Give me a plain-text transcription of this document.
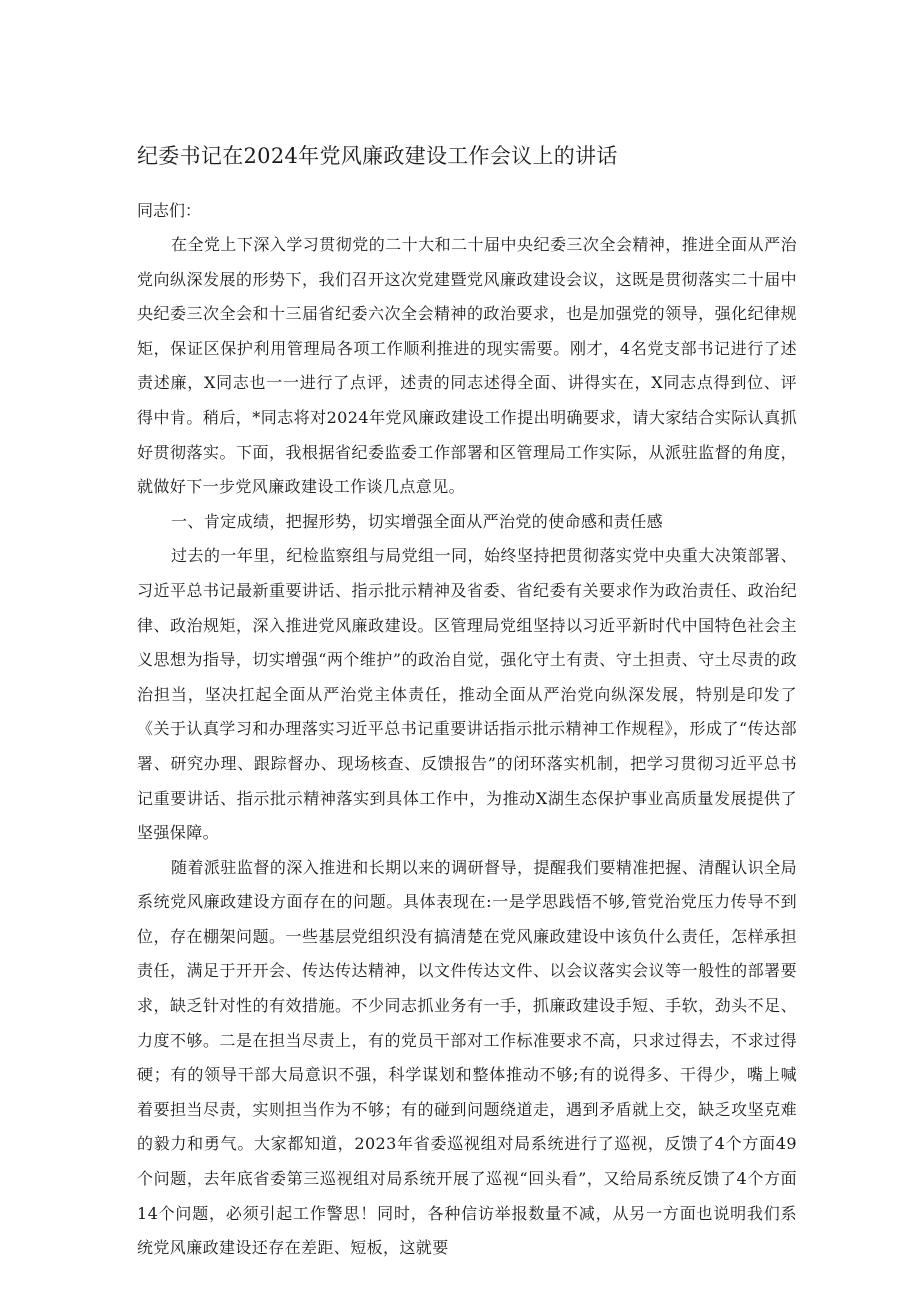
纪委书记在2024年党风廉政建设工作会议上的讲话

同志们：

在全党上下深入学习贯彻党的二十大和二十届中央纪委三次全会精神，推进全面从严治党向纵深发展的形势下，我们召开这次党建暨党风廉政建设会议，这既是贯彻落实二十届中央纪委三次全会和十三届省纪委六次全会精神的政治要求，也是加强党的领导，强化纪律规矩，保证区保护利用管理局各项工作顺利推进的现实需要。刚才，4名党支部书记进行了述责述廉，X同志也一一进行了点评，述责的同志述得全面、讲得实在，X同志点得到位、评得中肯。稍后，*同志将对2024年党风廉政建设工作提出明确要求，请大家结合实际认真抓好贯彻落实。下面，我根据省纪委监委工作部署和区管理局工作实际，从派驻监督的角度，就做好下一步党风廉政建设工作谈几点意见。

一、肯定成绩，把握形势，切实增强全面从严治党的使命感和责任感

过去的一年里，纪检监察组与局党组一同，始终坚持把贯彻落实党中央重大决策部署、习近平总书记最新重要讲话、指示批示精神及省委、省纪委有关要求作为政治责任、政治纪律、政治规矩，深入推进党风廉政建设。区管理局党组坚持以习近平新时代中国特色社会主义思想为指导，切实增强“两个维护”的政治自觉，强化守土有责、守土担责、守土尽责的政治担当，坚决扛起全面从严治党主体责任，推动全面从严治党向纵深发展，特别是印发了《关于认真学习和办理落实习近平总书记重要讲话指示批示精神工作规程》，形成了“传达部署、研究办理、跟踪督办、现场核查、反馈报告”的闭环落实机制，把学习贯彻习近平总书记重要讲话、指示批示精神落实到具体工作中，为推动X湖生态保护事业高质量发展提供了坚强保障。

随着派驻监督的深入推进和长期以来的调研督导，提醒我们要精准把握、清醒认识全局系统党风廉政建设方面存在的问题。具体表现在:一是学思践悟不够,管党治党压力传导不到位，存在棚架问题。一些基层党组织没有搞清楚在党风廉政建设中该负什么责任，怎样承担责任，满足于开开会、传达传达精神，以文件传达文件、以会议落实会议等一般性的部署要求，缺乏针对性的有效措施。不少同志抓业务有一手，抓廉政建设手短、手软，劲头不足、力度不够。二是在担当尽责上，有的党员干部对工作标准要求不高，只求过得去，不求过得硬；有的领导干部大局意识不强，科学谋划和整体推动不够;有的说得多、干得少，嘴上喊着要担当尽责，实则担当作为不够；有的碰到问题绕道走，遇到矛盾就上交，缺乏攻坚克难的毅力和勇气。大家都知道，2023年省委巡视组对局系统进行了巡视，反馈了4个方面49个问题，去年底省委第三巡视组对局系统开展了巡视“回头看”，又给局系统反馈了4个方面14个问题，必须引起工作警思！同时，各种信访举报数量不减，从另一方面也说明我们系统党风廉政建设还存在差距、短板，这就要
